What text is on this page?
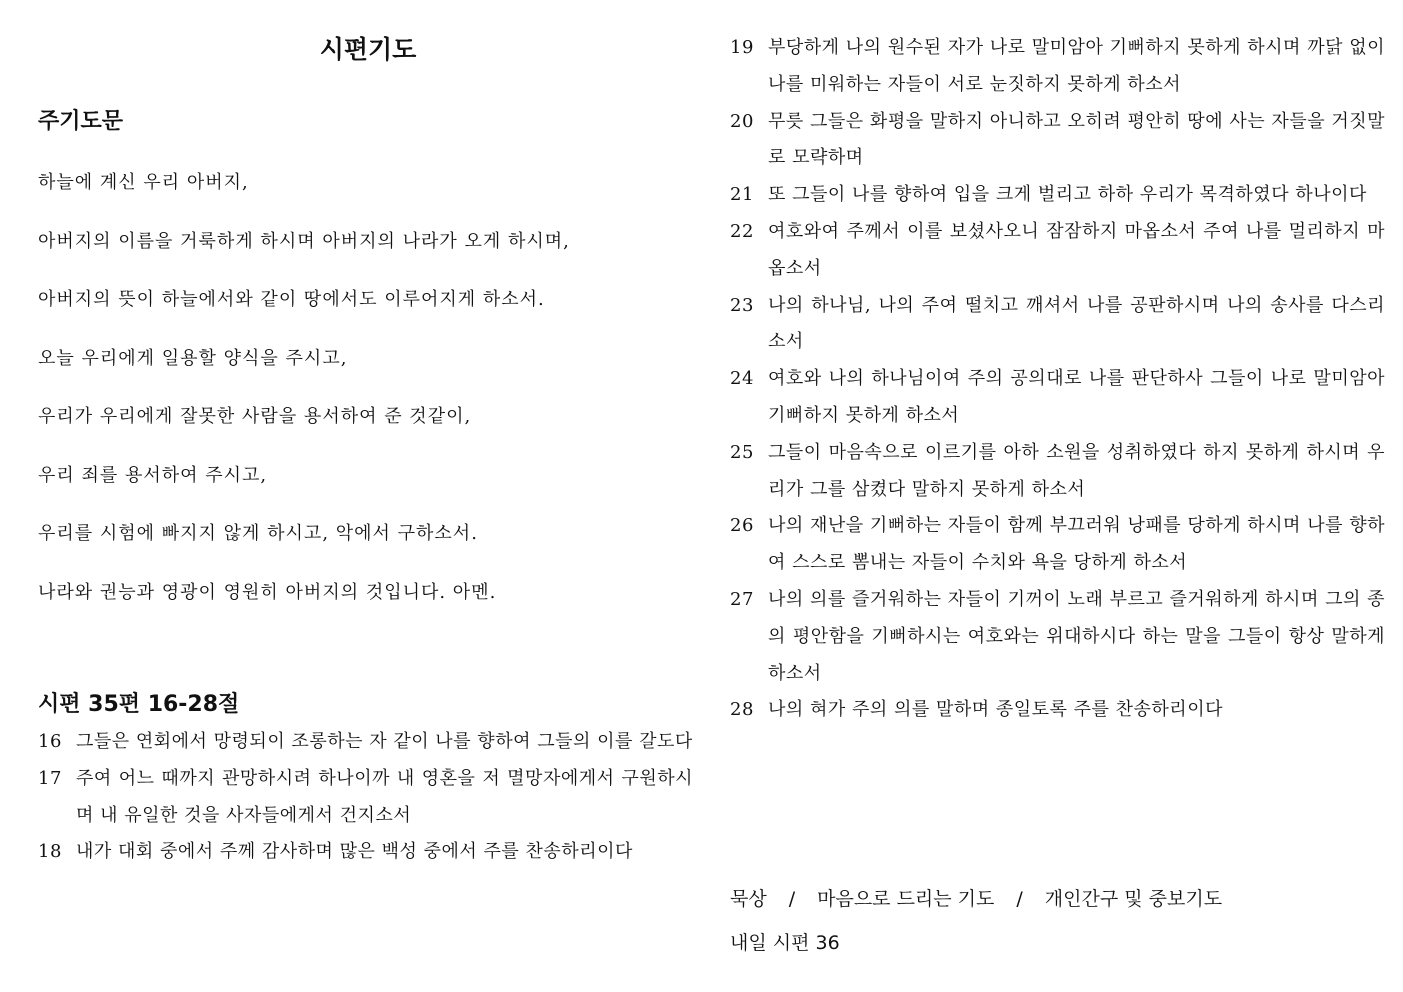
시편기도
주기도문
하늘에 계신 우리 아버지,
아버지의 이름을 거룩하게 하시며 아버지의 나라가 오게 하시며,
아버지의 뜻이 하늘에서와 같이 땅에서도 이루어지게 하소서.
오늘 우리에게 일용할 양식을 주시고,
우리가 우리에게 잘못한 사람을 용서하여 준 것같이,
우리 죄를 용서하여 주시고,
우리를 시험에 빠지지 않게 하시고, 악에서 구하소서.
나라와 권능과 영광이 영원히 아버지의 것입니다. 아멘.
시편 35편 16-28절
16 그들은 연회에서 망령되이 조롱하는 자 같이 나를 향하여 그들의 이를 갈도다
17 주여 어느 때까지 관망하시려 하나이까 내 영혼을 저 멸망자에게서 구원하시며 내 유일한 것을 사자들에게서 건지소서
18 내가 대회 중에서 주께 감사하며 많은 백성 중에서 주를 찬송하리이다
19 부당하게 나의 원수된 자가 나로 말미암아 기뻐하지 못하게 하시며 까닭 없이 나를 미워하는 자들이 서로 눈짓하지 못하게 하소서
20 무릇 그들은 화평을 말하지 아니하고 오히려 평안히 땅에 사는 자들을 거짓말로 모략하며
21 또 그들이 나를 향하여 입을 크게 벌리고 하하 우리가 목격하였다 하나이다
22 여호와여 주께서 이를 보셨사오니 잠잠하지 마옵소서 주여 나를 멀리하지 마옵소서
23 나의 하나님, 나의 주여 떨치고 깨셔서 나를 공판하시며 나의 송사를 다스리소서
24 여호와 나의 하나님이여 주의 공의대로 나를 판단하사 그들이 나로 말미암아 기뻐하지 못하게 하소서
25 그들이 마음속으로 이르기를 아하 소원을 성취하였다 하지 못하게 하시며 우리가 그를 삼켰다 말하지 못하게 하소서
26 나의 재난을 기뻐하는 자들이 함께 부끄러워 낭패를 당하게 하시며 나를 향하여 스스로 뽐내는 자들이 수치와 욕을 당하게 하소서
27 나의 의를 즐거워하는 자들이 기꺼이 노래 부르고 즐거워하게 하시며 그의 종의 평안함을 기뻐하시는 여호와는 위대하시다 하는 말을 그들이 항상 말하게 하소서
28 나의 혀가 주의 의를 말하며 종일토록 주를 찬송하리이다
묵상 / 마음으로 드리는 기도 / 개인간구 및 중보기도
내일 시편 36
